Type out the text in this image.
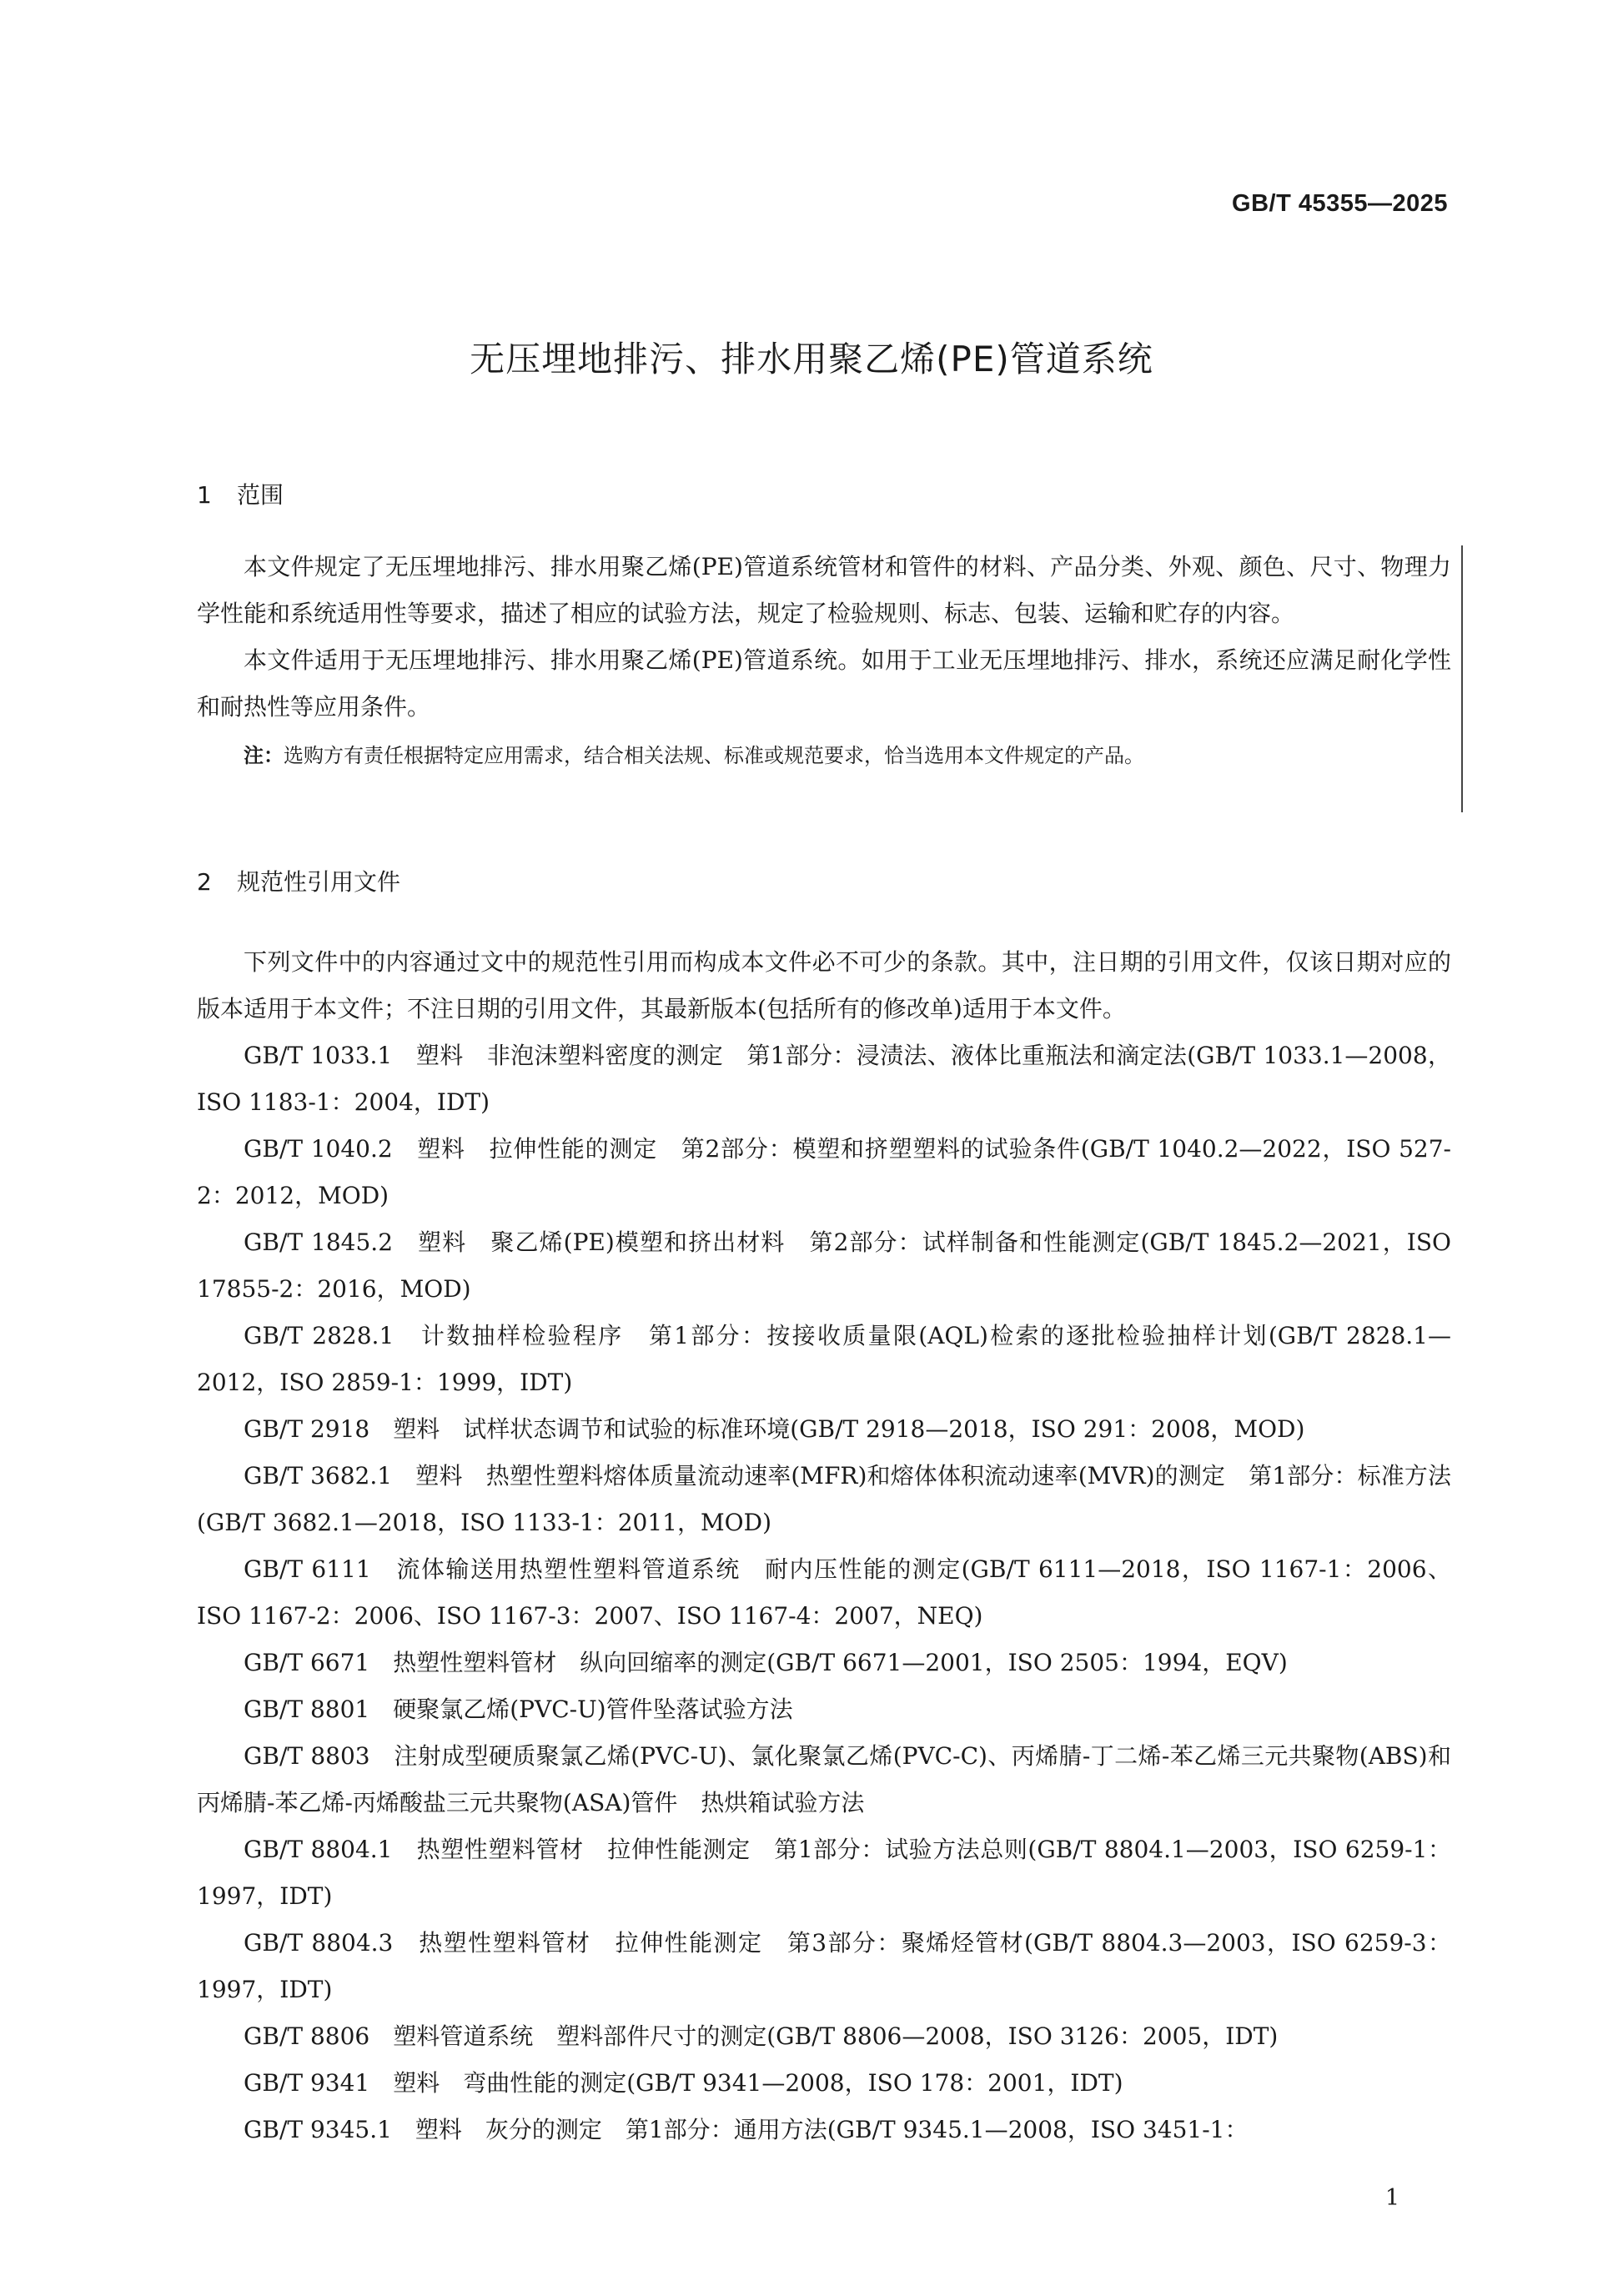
GB/T 45355—2025
无压埋地排污、排水用聚乙烯(PE)管道系统
1 范围

本文件规定了无压埋地排污、排水用聚乙烯(PE)管道系统管材和管件的材料、产品分类、外观、颜色、尺寸、物理力学性能和系统适用性等要求，描述了相应的试验方法，规定了检验规则、标志、包装、运输和贮存的内容。

本文件适用于无压埋地排污、排水用聚乙烯(PE)管道系统。如用于工业无压埋地排污、排水，系统还应满足耐化学性和耐热性等应用条件。

注：选购方有责任根据特定应用需求，结合相关法规、标准或规范要求，恰当选用本文件规定的产品。

2 规范性引用文件

下列文件中的内容通过文中的规范性引用而构成本文件必不可少的条款。其中，注日期的引用文件，仅该日期对应的版本适用于本文件；不注日期的引用文件，其最新版本(包括所有的修改单)适用于本文件。

GB/T 1033.1　塑料　非泡沫塑料密度的测定　第1部分：浸渍法、液体比重瓶法和滴定法(GB/T 1033.1—2008，ISO 1183-1：2004，IDT)

GB/T 1040.2　塑料　拉伸性能的测定　第2部分：模塑和挤塑塑料的试验条件(GB/T 1040.2—2022，ISO 527-2：2012，MOD)

GB/T 1845.2　塑料　聚乙烯(PE)模塑和挤出材料　第2部分：试样制备和性能测定(GB/T 1845.2—2021，ISO 17855-2：2016，MOD)

GB/T 2828.1　计数抽样检验程序　第1部分：按接收质量限(AQL)检索的逐批检验抽样计划(GB/T 2828.1—2012，ISO 2859-1：1999，IDT)

GB/T 2918　塑料　试样状态调节和试验的标准环境(GB/T 2918—2018，ISO 291：2008，MOD)

GB/T 3682.1　塑料　热塑性塑料熔体质量流动速率(MFR)和熔体体积流动速率(MVR)的测定　第1部分：标准方法(GB/T 3682.1—2018，ISO 1133-1：2011，MOD)

GB/T 6111　流体输送用热塑性塑料管道系统　耐内压性能的测定(GB/T 6111—2018，ISO 1167-1：2006、ISO 1167-2：2006、ISO 1167-3：2007、ISO 1167-4：2007，NEQ)

GB/T 6671　热塑性塑料管材　纵向回缩率的测定(GB/T 6671—2001，ISO 2505：1994，EQV)

GB/T 8801　硬聚氯乙烯(PVC-U)管件坠落试验方法

GB/T 8803　注射成型硬质聚氯乙烯(PVC-U)、氯化聚氯乙烯(PVC-C)、丙烯腈-丁二烯-苯乙烯三元共聚物(ABS)和丙烯腈-苯乙烯-丙烯酸盐三元共聚物(ASA)管件　热烘箱试验方法

GB/T 8804.1　热塑性塑料管材　拉伸性能测定　第1部分：试验方法总则(GB/T 8804.1—2003，ISO 6259-1：1997，IDT)

GB/T 8804.3　热塑性塑料管材　拉伸性能测定　第3部分：聚烯烃管材(GB/T 8804.3—2003，ISO 6259-3：1997，IDT)

GB/T 8806　塑料管道系统　塑料部件尺寸的测定(GB/T 8806—2008，ISO 3126：2005，IDT)

GB/T 9341　塑料　弯曲性能的测定(GB/T 9341—2008，ISO 178：2001，IDT)

GB/T 9345.1　塑料　灰分的测定　第1部分：通用方法(GB/T 9345.1—2008，ISO 3451-1：

1
